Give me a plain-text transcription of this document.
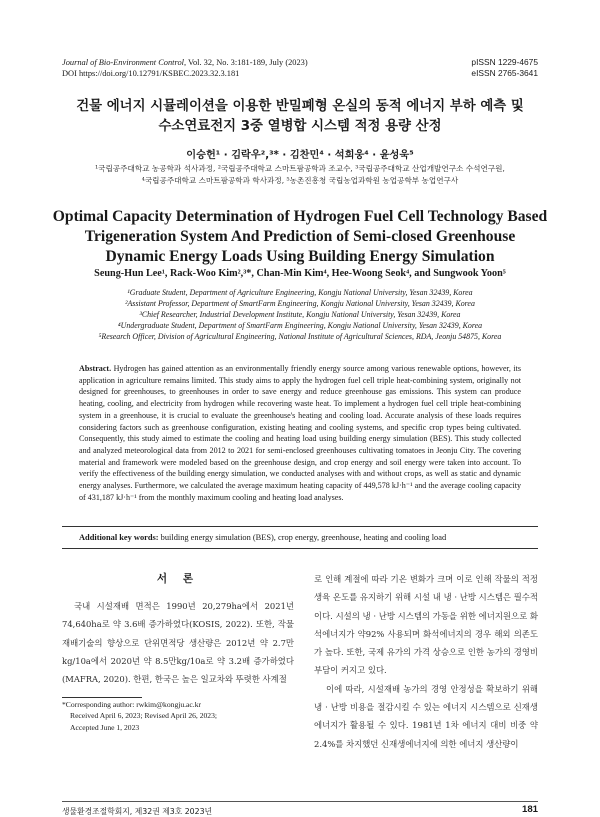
Journal of Bio-Environment Control, Vol. 32, No. 3:181-189, July (2023)
DOI https://doi.org/10.12791/KSBEC.2023.32.3.181
pISSN 1229-4675
eISSN 2765-3641
건물 에너지 시뮬레이션을 이용한 반밀폐형 온실의 동적 에너지 부하 예측 및
수소연료전지 3중 열병합 시스템 적정 용량 산정
이승헌¹ · 김락우²,³* · 김찬민⁴ · 석희웅⁴ · 윤성욱⁵
¹국립공주대학교 농공학과 석사과정, ²국립공주대학교 스마트팜공학과 조교수, ³국립공주대학교 산업개발연구소 수석연구원,
⁴국립공주대학교 스마트팜공학과 학사과정, ⁵농촌진흥청 국립농업과학원 농업공학부 농업연구사
Optimal Capacity Determination of Hydrogen Fuel Cell Technology Based
Trigeneration System And Prediction of Semi-closed Greenhouse
Dynamic Energy Loads Using Building Energy Simulation
Seung-Hun Lee¹, Rack-Woo Kim²,³*, Chan-Min Kim⁴, Hee-Woong Seok⁴, and Sungwook Yoon⁵
¹Graduate Student, Department of Agriculture Engineering, Kongju National University, Yesan 32439, Korea
²Assistant Professor, Department of SmartFarm Engineering, Kongju National University, Yesan 32439, Korea
³Chief Researcher, Industrial Development Institute, Kongju National University, Yesan 32439, Korea
⁴Undergraduate Student, Department of SmartFarm Engineering, Kongju National University, Yesan 32439, Korea
⁵Research Officer, Division of Agricultural Engineering, National Institute of Agricultural Sciences, RDA, Jeonju 54875, Korea
Abstract. Hydrogen has gained attention as an environmentally friendly energy source among various renewable options, however, its application in agriculture remains limited. This study aims to apply the hydrogen fuel cell triple heat-combining system, originally not designed for greenhouses, to greenhouses in order to save energy and reduce greenhouse gas emissions. This system can produce heating, cooling, and electricity from hydrogen while recovering waste heat. To implement a hydrogen fuel cell triple heat-combining system in a greenhouse, it is crucial to evaluate the greenhouse's heating and cooling load. Accurate analysis of these loads requires considering factors such as greenhouse configuration, existing heating and cooling systems, and specific crop types being cultivated. Consequently, this study aimed to estimate the cooling and heating load using building energy simulation (BES). This study collected and analyzed meteorological data from 2012 to 2021 for semi-enclosed greenhouses cultivating tomatoes in Jeonju City. The covering material and framework were modeled based on the greenhouse design, and crop energy and soil energy were taken into account. To verify the effectiveness of the building energy simulation, we conducted analyses with and without crops, as well as static and dynamic energy analyses. Furthermore, we calculated the average maximum heating capacity of 449,578 kJ·h⁻¹ and the average cooling capacity of 431,187 kJ·h⁻¹ from the monthly maximum cooling and heating load analyses.
Additional key words: building energy simulation (BES), crop energy, greenhouse, heating and cooling load
서 론

국내 시설재배 면적은 1990년 20,279ha에서 2021년 74,640ha로 약 3.6배 증가하였다(KOSIS, 2022). 또한, 작물 재배기술의 향상으로 단위면적당 생산량은 2012년 약 2.7만 kg/10a에서 2020년 약 8.5만kg/10a로 약 3.2배 증가하였다 (MAFRA, 2020). 한편, 한국은 높은 일교차와 뚜렷한 사계절

로 인해 계절에 따라 기온 변화가 크며 이로 인해 작물의 적정 생육 온도를 유지하기 위해 시설 내 냉 · 난방 시스템은 필수적이다. 시설의 냉 · 난방 시스템의 가동을 위한 에너지원으로 화석에너지가 약92% 사용되며 화석에너지의 경우 해외 의존도가 높다. 또한, 국제 유가의 가격 상승으로 인한 농가의 경영비 부담이 커지고 있다.

이에 따라, 시설재배 농가의 경영 안정성을 확보하기 위해 냉 · 난방 비용을 절감시킬 수 있는 에너지 시스템으로 신재생에너지가 활용될 수 있다. 1981년 1차 에너지 대비 비중 약 2.4%를 차지했던 신재생에너지에 의한 에너지 생산량이

*Corresponding author: rwkim@kongju.ac.kr
Received April 6, 2023; Revised April 26, 2023;
Accepted June 1, 2023
생물환경조절학회지, 제32권 제3호 2023년	181
